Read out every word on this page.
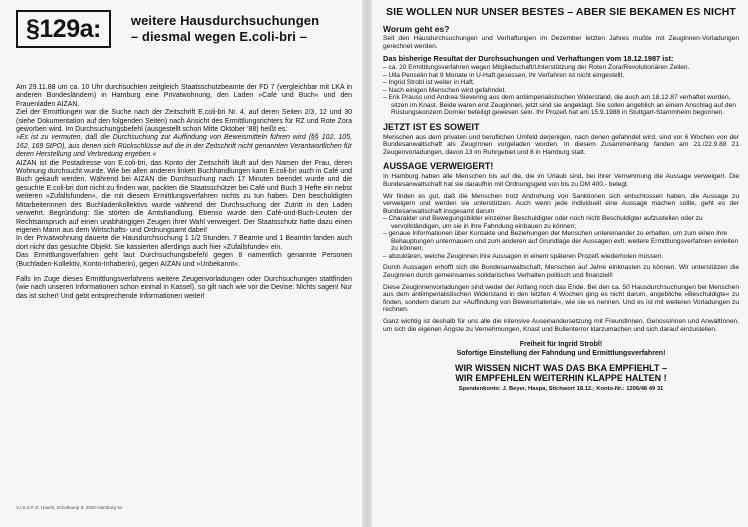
§129a:	weitere Hausdurchsuchungen
– diesmal wegen E.coli-bri –

Am 29.11.88 um ca. 10 Uhr durchsuchten zeitgleich Staatsschutzbeamte der FD 7 (vergleichbar mit LKA in anderen Bundesländern) in Hamburg eine Privatwohnung, den Laden »Café und Buch« und den Frauenladen AIZAN.

Ziel der Ermittlungen war die Suche nach der Zeitschrift E.coli-bri Nr. 4, auf deren Seiten 2/3, 12 und 30 (siehe Dokumentation auf den folgenden Seiten) nach Ansicht des Ermittlungsrichters für RZ und Rote Zora geworben wird. Im Durchsuchungsbefehl (ausgestellt schon Mitte Oktober '88) heißt es:

»Es ist zu vermuten, daß die Durchsuchung zur Auffindung von Beweismitteln führen wird (§§ 102, 105, 162, 169 StPO), aus denen sich Rückschlüsse auf die in der Zeitschrift nicht genannten Verantwortlichen für deren Herstellung und Verbreitung ergeben.«

AIZAN ist die Postadresse von E.coli-bri, das Konto der Zeitschrift läuft auf den Namen der Frau, deren Wohnung durchsucht wurde. Wie bei allen anderen linken Buchhandlungen kann E.coli-bri auch in Café und Buch gekauft werden. Während bei AIZAN die Durchsuchung nach 17 Minuten beendet wurde und die gesuchte E.coli-bri dort nicht zu finden war, packten die Staatsschützer bei Café und Buch 3 Hefte ein nebst weiteren »Zufallsfunden«, die mit diesem Ermittlungsverfahren nichts zu tun haben. Den beschuldigten Mitarbeiterinnen des Buchladenkollektivs wurde während der Durchsuchung der Zutritt in den Laden verwehrt. Begründung: Sie störten die Amtshandlung. Ebenso wurde den Café-und-Buch-Leuten der Rechtsanspruch auf einen unabhängigen Zeugen ihrer Wahl verweigert. Der Staatsschutz hatte dazu einen eigenen Mann aus dem Wirtschafts- und Ordnungsamt dabei!

In der Privatwohnung dauerte die Hausdurchsuchung 1 1/2 Stunden. 7 Beamte und 1 Beamtin fanden auch dort nicht das gesuchte Objekt. Sie kassierten allerdings auch hier »Zufallsfunde« ein.

Das Ermittlungsverfahren geht laut Durchsuchungsbefehl gegen 8 namentlich genannte Personen (Buchladen-Kollektiv, Konto-Inhaberin), gegen AIZAN und »Unbekannt«.

Falls im Zuge dieses Ermittlungsverfahrens weitere Zeugenvorladungen oder Durchsuchungen stattfinden (wie nach unseren Informationen schon einmal in Kassel), so gilt nach wie vor die Devise: Nichts sagen! Nur das ist sicher! Und gebt entsprechende Informationen weiter!

V.i.S.d.P. E. Haack, Schulkamp 8, 2000 Hamburg 52
SIE WOLLEN NUR UNSER BESTES – ABER SIE BEKAMEN ES NICHT
Worum geht es?

Seit den Hausdurchsuchungen und Verhaftungen im Dezember letzten Jahres mußte mit Zeuginnen-Vorladungen gerechnet werden.

Das bisherige Resultat der Durchsuchungen und Verhaftungen vom 18.12.1987 ist:
– ca. 20 Ermittlungsverfahren wegen Mitgliedschaft/Unterstützung der Roten Zora/Revolutionären Zellen.
– Ulla Penselin hat 9 Monate in U-Haft gesessen, ihr Verfahren ist nicht eingestellt.
– Ingrid Strobl ist weiter in Haft.
– Nach einigen Menschen wird gefahndet.
– Erik Prauss und Andrea Sievering aus dem antiimperialistischen Widerstand, die auch am 18.12.87 verhaftet wurden, sitzen im Knast. Beide waren erst Zeuginnen, jetzt sind sie angeklagt. Sie sollen angeblich an einem Anschlag auf den Rüstungskonzern Dornier beteiligt gewesen sein. Ihr Prozeß hat am 15.9.1988 in Stuttgart-Stammheim begonnen.
JETZT IST ES SOWEIT

Menschen aus dem privaten und beruflichen Umfeld derjenigen, nach denen gefahndet wird, sind vor 6 Wochen von der Bundesanwaltschaft als Zeug!nnen vorgeladen worden. In diesem Zusammenhang fanden am 21./22.9.88 21 Zeugenvorladungen, davon 13 im Ruhrgebiet und 8 in Hamburg statt.

AUSSAGE VERWEIGERT!

In Hamburg haben alle Menschen bis auf die, die im Urlaub sind, bei ihrer Vernehmung die Aussage verweigert. Die Bundesanwaltschaft hat sie daraufhin mit Ordnungsgeld von bis zu DM 400,- belegt.

Wir finden es gut, daß die Menschen trotz Androhung von Sanktionen sich entschlossen haben, die Aussage zu verweigern und werden sie unterstützen. Auch wenn jede individuell eine Aussage machen sollte, geht es der Bundesanwaltschaft insgesamt darum

– Charakter und Bewegungsbilder einzelner Beschuldigter oder noch nicht Beschuldigter aufzustellen oder zu vervollständigen, um sie in ihre Fahndung einbauen zu können;
– genaue Informationen über Kontakte und Beziehungen der Menschen untereinander zu erhalten, um zum einen ihre Behauptungen untermauern und zum anderen auf Grundlage der Aussagen evtl. weitere Ermittlungsverfahren einleiten zu können;
– abzuklären, welche Zeuginnen ihre Aussagen in einem späteren Prozeß wiederholen müssen.

Durch Aussagen erhofft sich die Bundesanwaltschaft, Menschen auf Jahre einknasten zu können. Wir unterstützen die Zeuginnen durch gemeinsames solidarisches Verhalten politisch und finanziell!

Diese Zeuginnenvorladungen sind weder der Anfang noch das Ende. Bei den ca. 50 Hausdurchsuchungen bei Menschen aus dem antiimperialistischen Widerstand in den letzten 4 Wochen ging es nicht darum, angebliche »Beschuldigte« zu finden, sondern darum zur »Auffindung von Beweismaterial«, wie sie es nennen. Und es ist mit weiteren Vorladungen zu rechnen.

Ganz wichtig ist deshalb für uns alle die intensive Auseinandersetzung mit FreundInnen, GenossInnen und AnwältInnen, um sich die eigenen Ängste zu Vernehmungen, Knast und Bullenterror klarzumachen und sich darauf einzustellen.

Freiheit für Ingrid Strobl!
Sofortige Einstellung der Fahndung und Ermittlungsverfahren!
WIR WISSEN NICHT WAS DAS BKA EMPFIEHLT –
WIR EMPFEHLEN WEITERHIN KLAPPE HALTEN !
Spendenkonto: J. Beyer, Haspa, Stichwort 18.12.; Konto-Nr.: 1206/48 49 31
